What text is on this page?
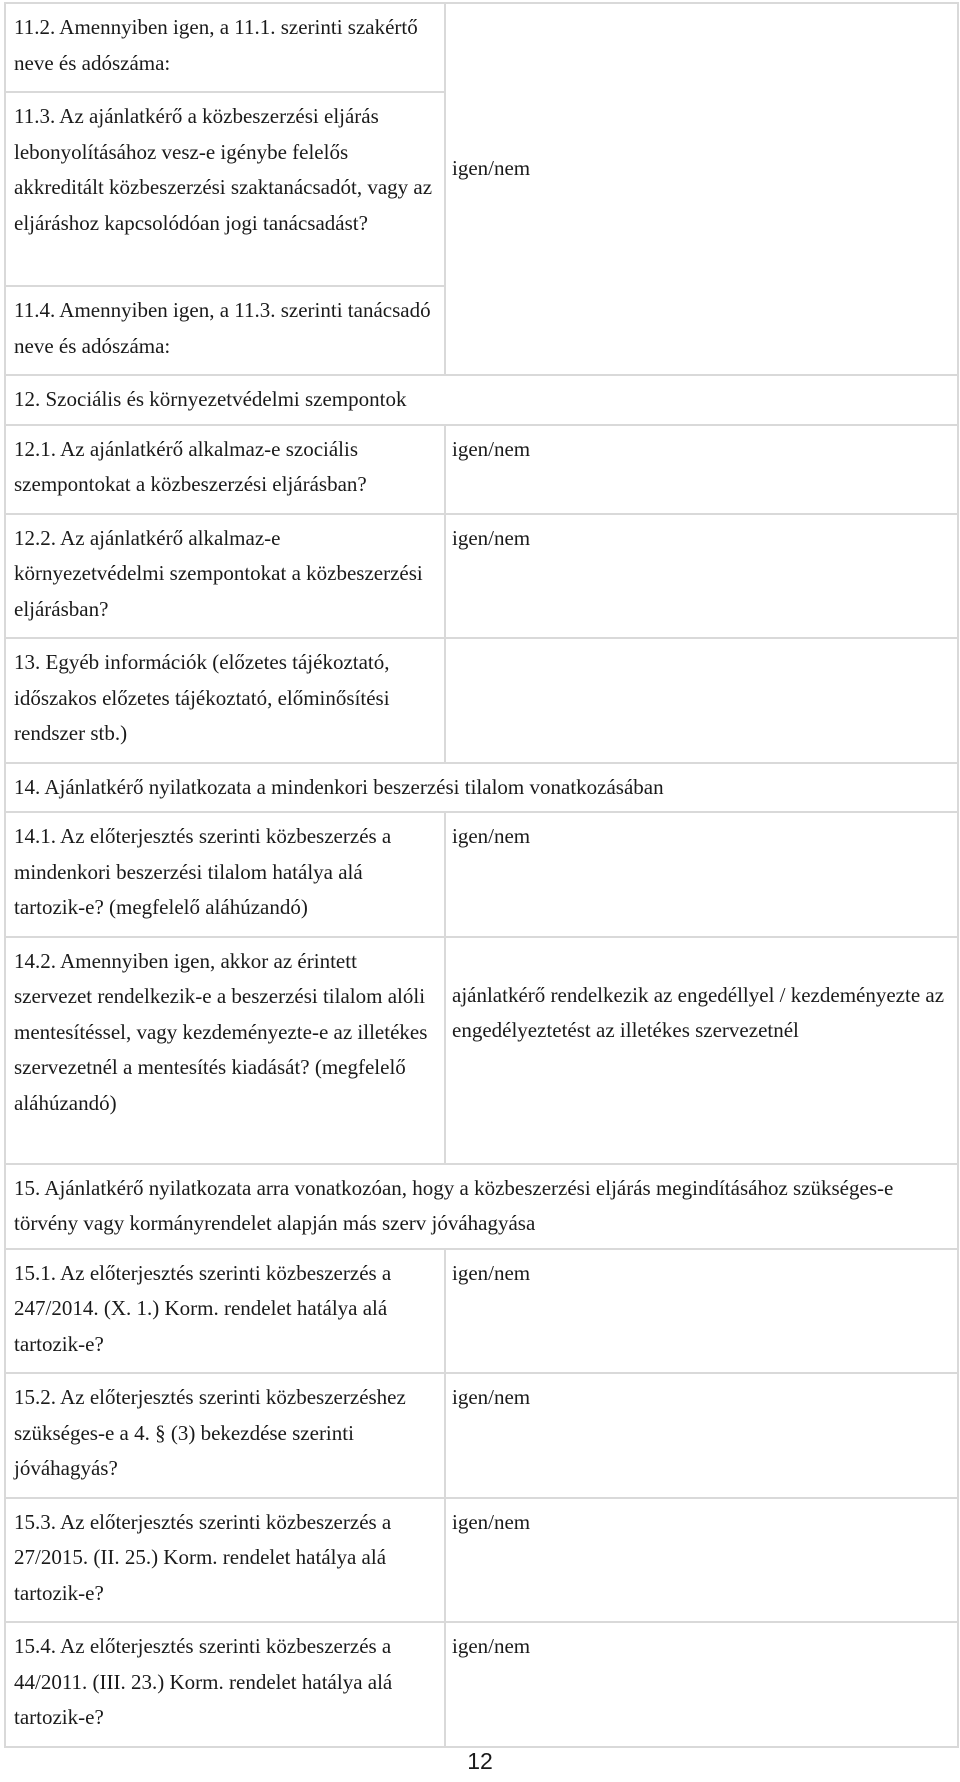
11.2. Amennyiben igen, a 11.1. szerinti szakértő neve és adószáma:	igen/nem

11.3. Az ajánlatkérő a közbeszerzési eljárás lebonyolításához vesz-e igénybe felelős akkreditált közbeszerzési szaktanácsadót, vagy az eljáráshoz kapcsolódóan jogi tanácsadást?	

11.4. Amennyiben igen, a 11.3. szerinti tanácsadó neve és adószáma:	

12. Szociális és környezetvédelmi szempontok	

12.1. Az ajánlatkérő alkalmaz-e szociális szempontokat a közbeszerzési eljárásban?	igen/nem

12.2. Az ajánlatkérő alkalmaz-e környezetvédelmi szempontokat a közbeszerzési eljárásban?	igen/nem

13. Egyéb információk (előzetes tájékoztató, időszakos előzetes tájékoztató, előminősítési rendszer stb.)	

14. Ajánlatkérő nyilatkozata a mindenkori beszerzési tilalom vonatkozásában	

14.1. Az előterjesztés szerinti közbeszerzés a mindenkori beszerzési tilalom hatálya alá tartozik-e? (megfelelő aláhúzandó)	igen/nem

14.2. Amennyiben igen, akkor az érintett szervezet rendelkezik-e a beszerzési tilalom alóli mentesítéssel, vagy kezdeményezte-e az illetékes szervezetnél a mentesítés kiadását? (megfelelő aláhúzandó)	ajánlatkérő rendelkezik az engedéllyel / kezdeményezte az engedélyeztetést az illetékes szervezetnél

15. Ajánlatkérő nyilatkozata arra vonatkozóan, hogy a közbeszerzési eljárás megindításához szükséges-e törvény vagy kormányrendelet alapján más szerv jóváhagyása	

15.1. Az előterjesztés szerinti közbeszerzés a 247/2014. (X. 1.) Korm. rendelet hatálya alá tartozik-e?	igen/nem

15.2. Az előterjesztés szerinti közbeszerzéshez szükséges-e a 4. § (3) bekezdése szerinti jóváhagyás?	igen/nem

15.3. Az előterjesztés szerinti közbeszerzés a 27/2015. (II. 25.) Korm. rendelet hatálya alá tartozik-e?	igen/nem

15.4. Az előterjesztés szerinti közbeszerzés a 44/2011. (III. 23.) Korm. rendelet hatálya alá tartozik-e?	igen/nem
12
